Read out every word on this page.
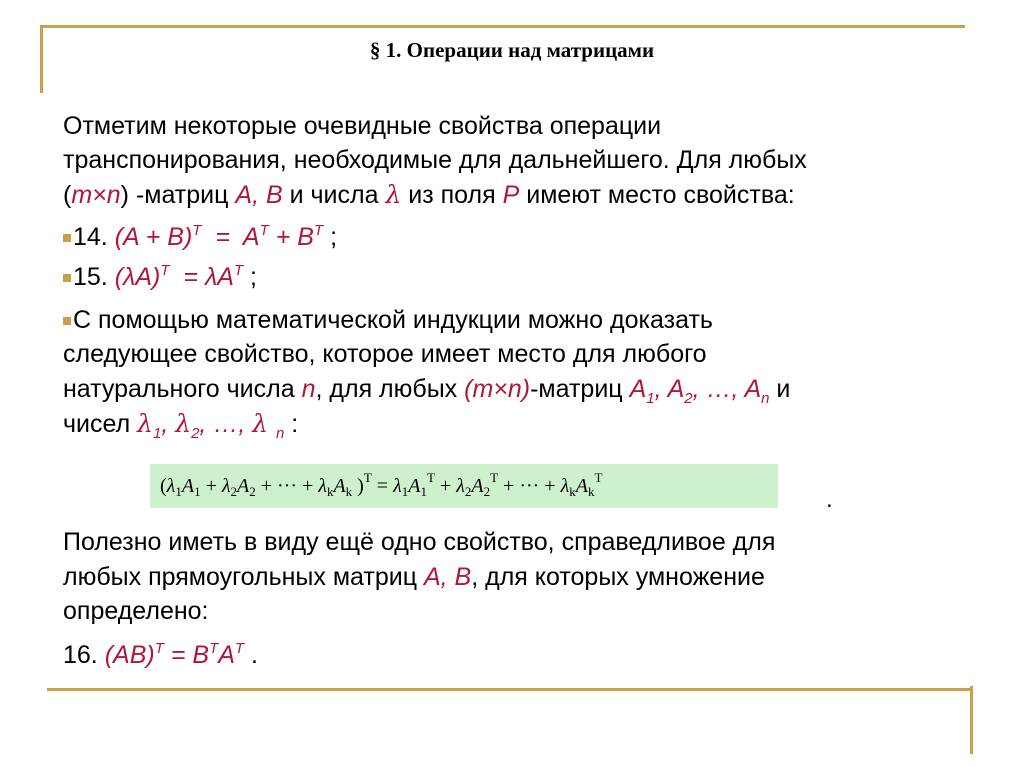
§ 1. Операции над матрицами
Отметим некоторые очевидные свойства операции
транспонирования, необходимые для дальнейшего. Для любых
(m×n) -матриц A, B и числа λ из поля P имеют место свойства:
14. $(A + B)^T = A^T + B^T$ ;
15. $(\lambda A)^T = \lambda A^T$ ;
С помощью математической индукции можно доказать
следующее свойство, которое имеет место для любого
натурального числа n, для любых (m×n)-матриц $A_1$, $A_2$, …, $A_n$ и
чисел $\lambda_1$, $\lambda_2$, …, λ $_n$ :
($\lambda_1A_1 + \lambda_2A_2$ + ··· + $\lambda_kA_k$ )$^T = \lambda_1A_1^T + \lambda_2A_2^T$ + ··· + $\lambda_kA_k^T$
.
Полезно иметь в виду ещё одно свойство, справедливое для
любых прямоугольных матриц A, B, для которых умножение
определено:
16. $(AB)^T = B^TA^T$ .
